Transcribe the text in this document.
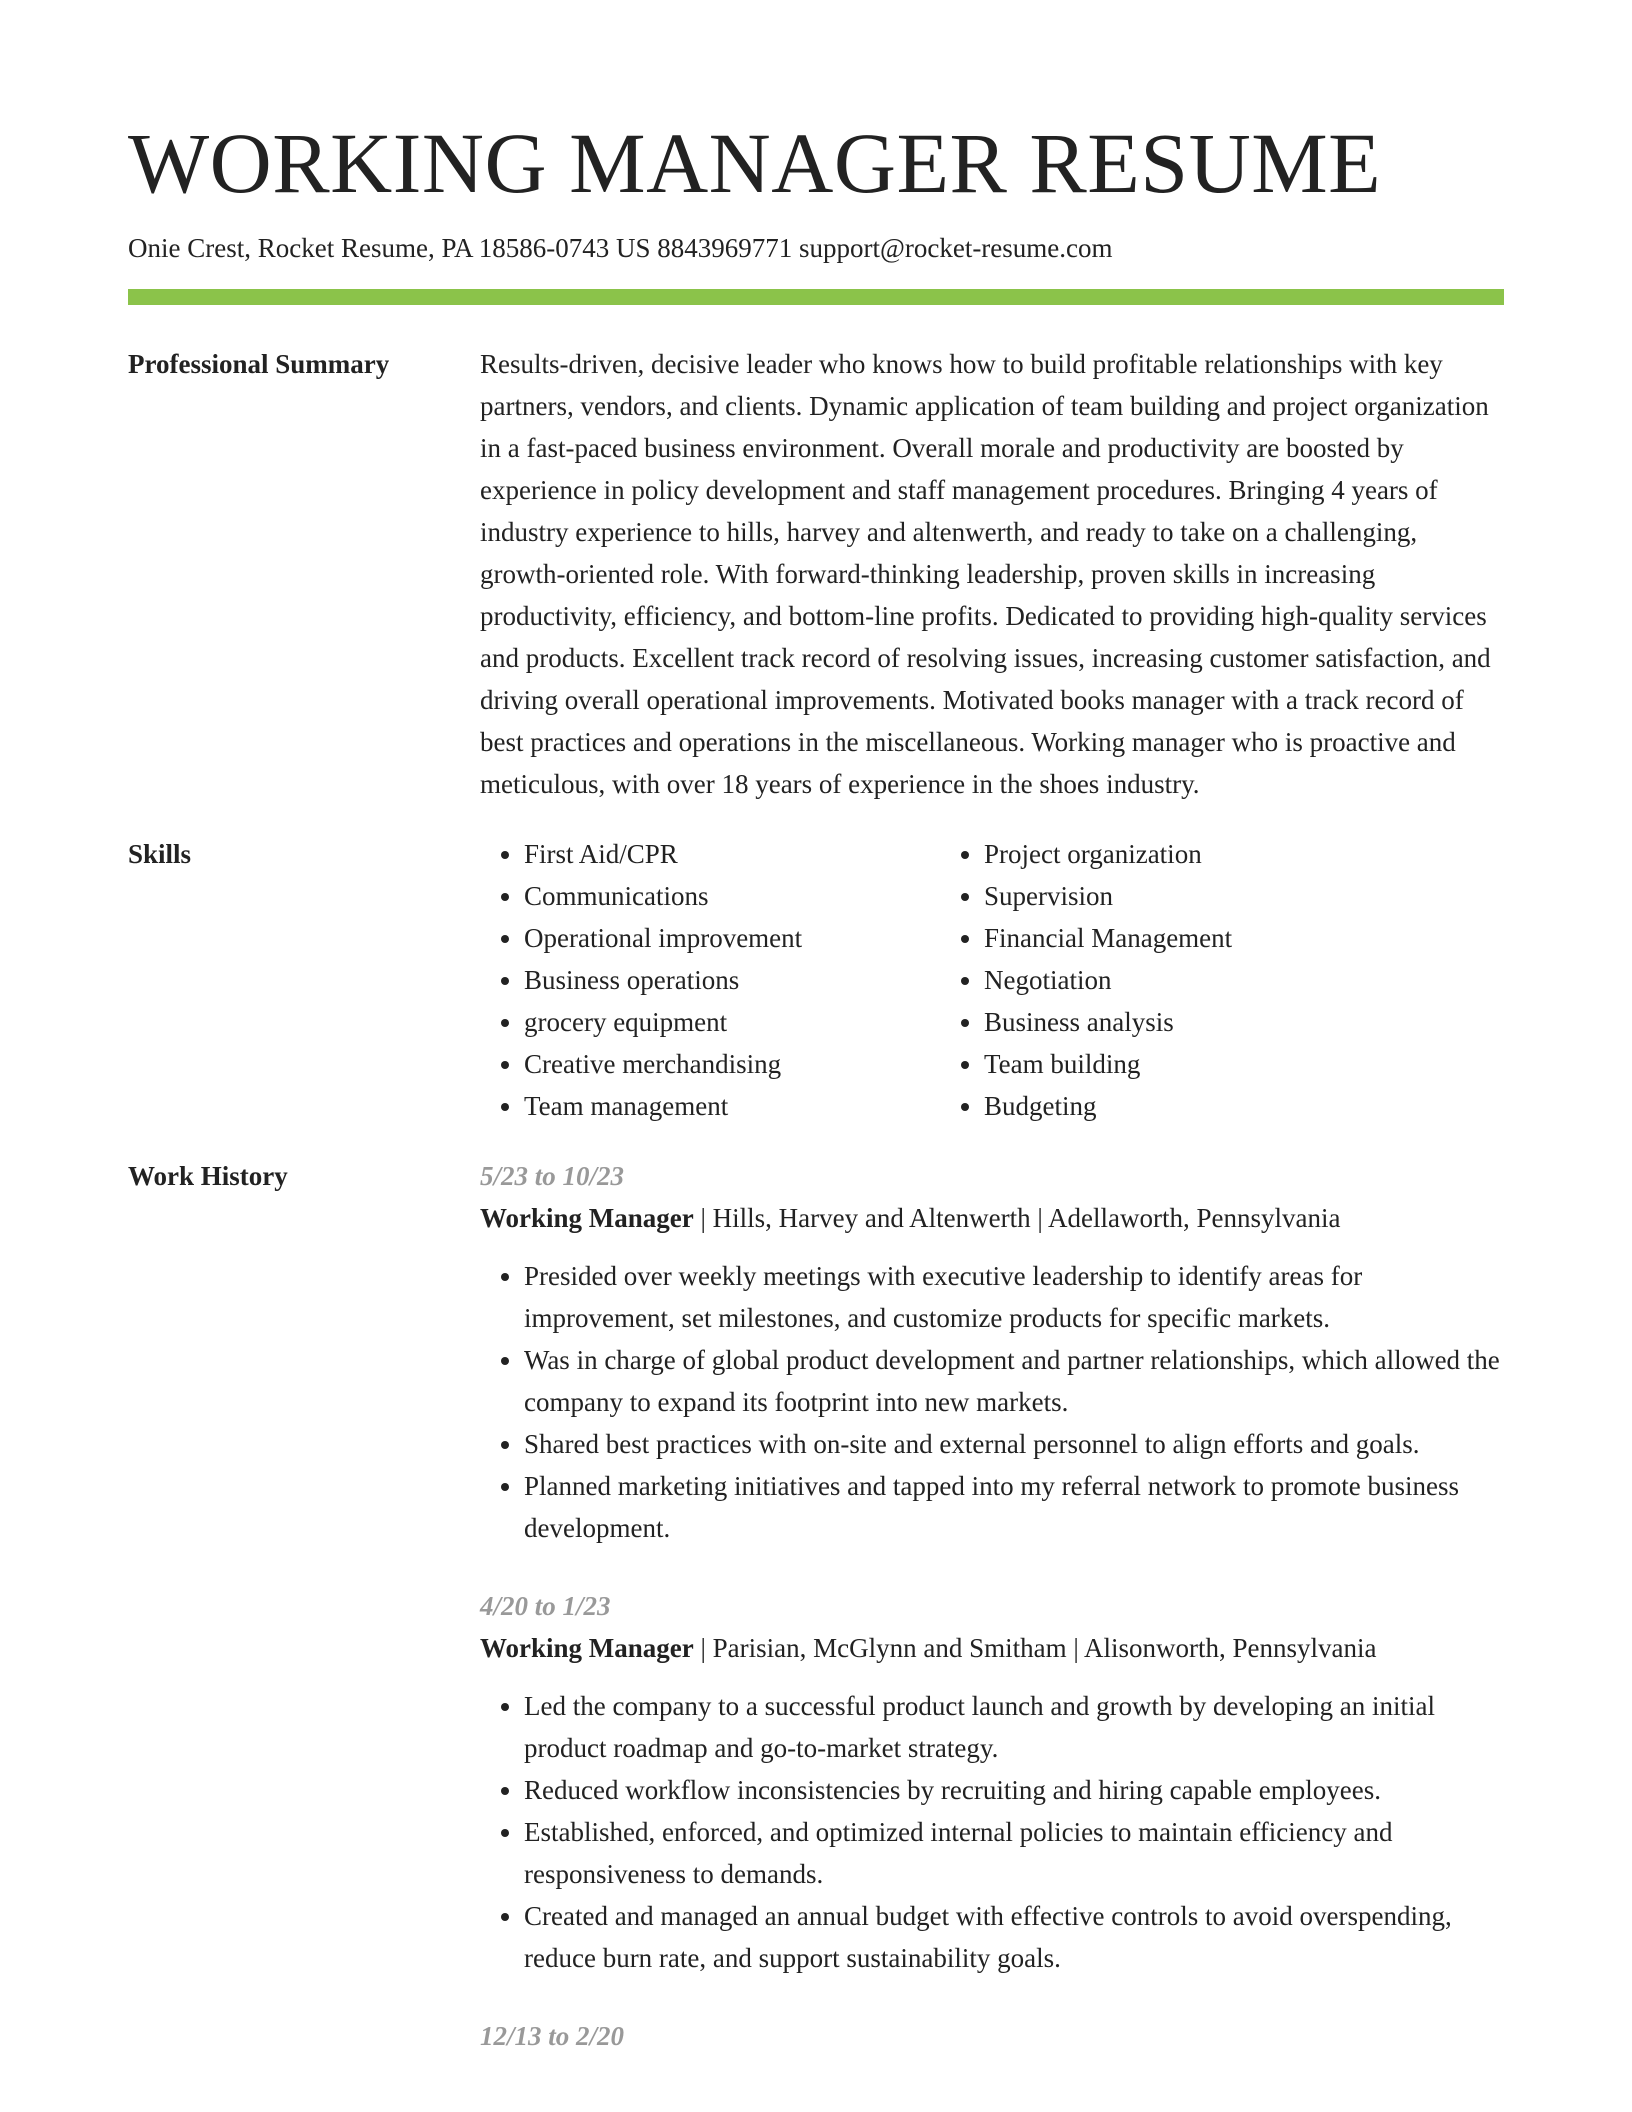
WORKING MANAGER RESUME
Onie Crest, Rocket Resume, PA 18586-0743 US 8843969771 support@rocket-resume.com
Professional Summary	Results-driven, decisive leader who knows how to build profitable relationships with key partners, vendors, and clients. Dynamic application of team building and project organization in a fast-paced business environment. Overall morale and productivity are boosted by experience in policy development and staff management procedures. Bringing 4 years of industry experience to hills, harvey and altenwerth, and ready to take on a challenging, growth-oriented role. With forward-thinking leadership, proven skills in increasing productivity, efficiency, and bottom-line profits. Dedicated to providing high-quality services and products. Excellent track record of resolving issues, increasing customer satisfaction, and driving overall operational improvements. Motivated books manager with a track record of best practices and operations in the miscellaneous. Working manager who is proactive and meticulous, with over 18 years of experience in the shoes industry.

Skills
•	First Aid/CPR
• Communications
• Operational improvement
• Business operations
• grocery equipment
• Creative merchandising
• Team management
• Project organization
• Supervision
• Financial Management
• Negotiation
• Business analysis
• Team building
• Budgeting
Work History	5/23 to 10/23
Working Manager | Hills, Harvey and Altenwerth | Adellaworth, Pennsylvania
• Presided over weekly meetings with executive leadership to identify areas for improvement, set milestones, and customize products for specific markets.
• Was in charge of global product development and partner relationships, which allowed the company to expand its footprint into new markets.
• Shared best practices with on-site and external personnel to align efforts and goals.
• Planned marketing initiatives and tapped into my referral network to promote business development.
4/20 to 1/23
Working Manager | Parisian, McGlynn and Smitham | Alisonworth, Pennsylvania
• Led the company to a successful product launch and growth by developing an initial product roadmap and go-to-market strategy.
• Reduced workflow inconsistencies by recruiting and hiring capable employees.
• Established, enforced, and optimized internal policies to maintain efficiency and responsiveness to demands.
• Created and managed an annual budget with effective controls to avoid overspending, reduce burn rate, and support sustainability goals.
12/13 to 2/20
